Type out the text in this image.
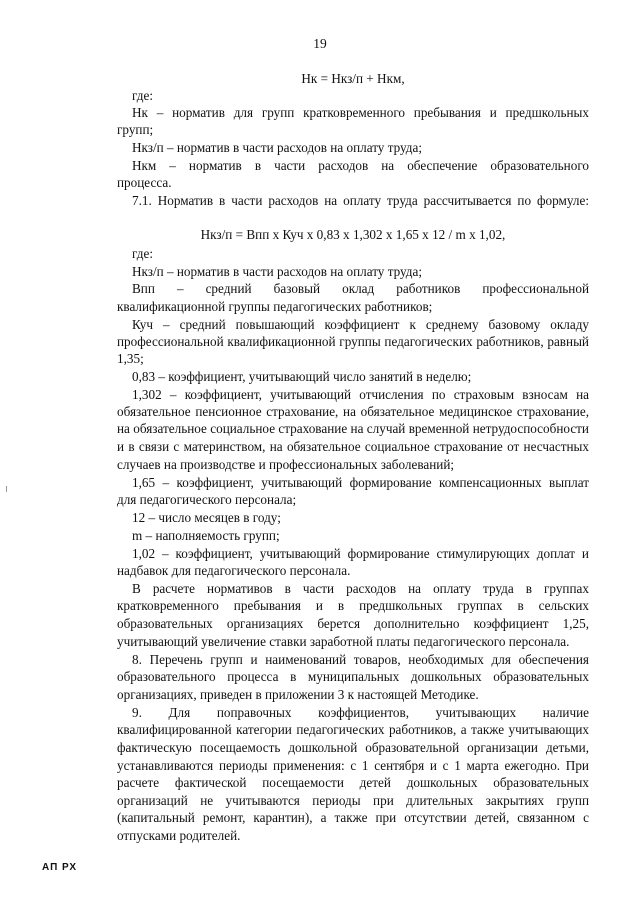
19
Нк = Нкз/п + Нкм,
где:
Нк – норматив для групп кратковременного пребывания и предшкольных
групп;
Нкз/п – норматив в части расходов на оплату труда;
Нкм – норматив в части расходов на обеспечение образовательного
процесса.
7.1. Норматив в части расходов на оплату труда рассчитывается по формуле:
Нкз/п = Впп x Куч x 0,83 x 1,302 x 1,65 x 12 / m x 1,02,
где:
Нкз/п – норматив в части расходов на оплату труда;
Впп – средний базовый оклад работников профессиональной
квалификационной группы педагогических работников;
Куч – средний повышающий коэффициент к среднему базовому окладу
профессиональной квалификационной группы педагогических работников, равный
1,35;
0,83 – коэффициент, учитывающий число занятий в неделю;
1,302 – коэффициент, учитывающий отчисления по страховым взносам на
обязательное пенсионное страхование, на обязательное медицинское страхование,
на обязательное социальное страхование на случай временной нетрудоспособности
и в связи с материнством, на обязательное социальное страхование от несчастных
случаев на производстве и профессиональных заболеваний;
1,65 – коэффициент, учитывающий формирование компенсационных выплат
для педагогического персонала;
12 – число месяцев в году;
m – наполняемость групп;
1,02 – коэффициент, учитывающий формирование стимулирующих доплат и
надбавок для педагогического персонала.
В расчете нормативов в части расходов на оплату труда в группах
кратковременного пребывания и в предшкольных группах в сельских
образовательных организациях берется дополнительно коэффициент 1,25,
учитывающий увеличение ставки заработной платы педагогического персонала.
8. Перечень групп и наименований товаров, необходимых для обеспечения
образовательного процесса в муниципальных дошкольных образовательных
организациях, приведен в приложении 3 к настоящей Методике.
9. Для поправочных коэффициентов, учитывающих наличие
квалифицированной категории педагогических работников, а также учитывающих
фактическую посещаемость дошкольной образовательной организации детьми,
устанавливаются периоды применения: с 1 сентября и с 1 марта ежегодно. При
расчете фактической посещаемости детей дошкольных образовательных
организаций не учитываются периоды при длительных закрытиях групп
(капитальный ремонт, карантин), а также при отсутствии детей, связанном с
отпусками родителей.
АП РХ
